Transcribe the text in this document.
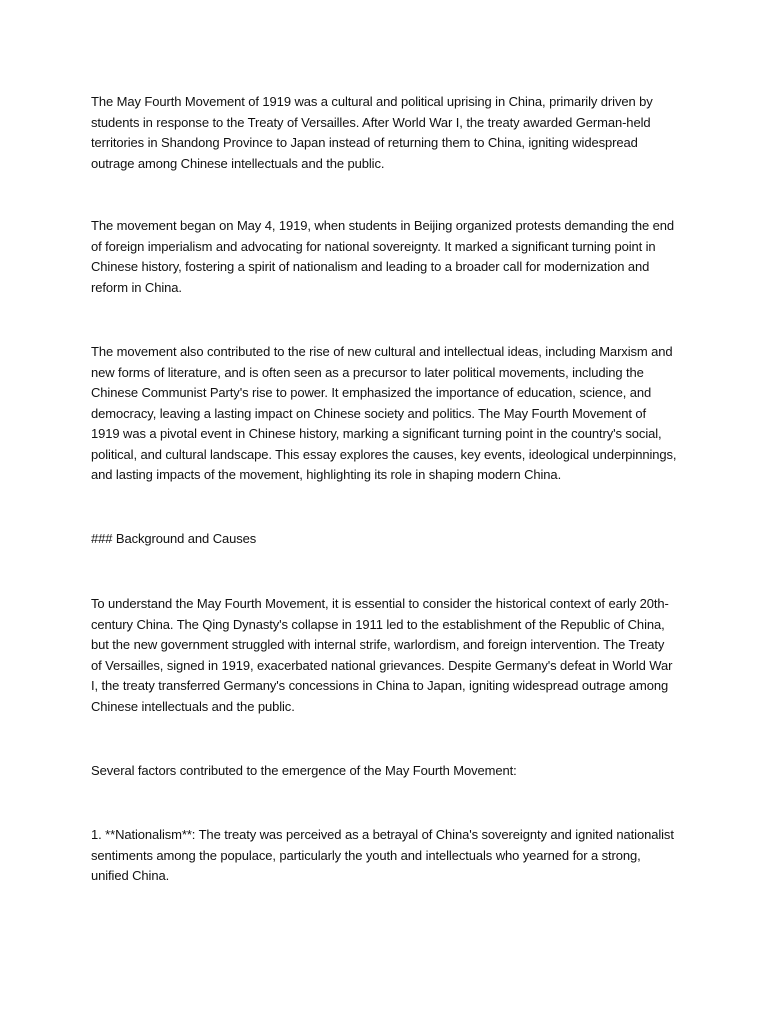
The May Fourth Movement of 1919 was a cultural and political uprising in China, primarily driven by students in response to the Treaty of Versailles. After World War I, the treaty awarded German-held territories in Shandong Province to Japan instead of returning them to China, igniting widespread outrage among Chinese intellectuals and the public.

The movement began on May 4, 1919, when students in Beijing organized protests demanding the end of foreign imperialism and advocating for national sovereignty. It marked a significant turning point in Chinese history, fostering a spirit of nationalism and leading to a broader call for modernization and reform in China.

The movement also contributed to the rise of new cultural and intellectual ideas, including Marxism and new forms of literature, and is often seen as a precursor to later political movements, including the Chinese Communist Party's rise to power. It emphasized the importance of education, science, and democracy, leaving a lasting impact on Chinese society and politics. The May Fourth Movement of 1919 was a pivotal event in Chinese history, marking a significant turning point in the country's social, political, and cultural landscape. This essay explores the causes, key events, ideological underpinnings, and lasting impacts of the movement, highlighting its role in shaping modern China.

### Background and Causes

To understand the May Fourth Movement, it is essential to consider the historical context of early 20th-century China. The Qing Dynasty's collapse in 1911 led to the establishment of the Republic of China, but the new government struggled with internal strife, warlordism, and foreign intervention. The Treaty of Versailles, signed in 1919, exacerbated national grievances. Despite Germany's defeat in World War I, the treaty transferred Germany's concessions in China to Japan, igniting widespread outrage among Chinese intellectuals and the public.

Several factors contributed to the emergence of the May Fourth Movement:

1. **Nationalism**: The treaty was perceived as a betrayal of China's sovereignty and ignited nationalist sentiments among the populace, particularly the youth and intellectuals who yearned for a strong, unified China.
